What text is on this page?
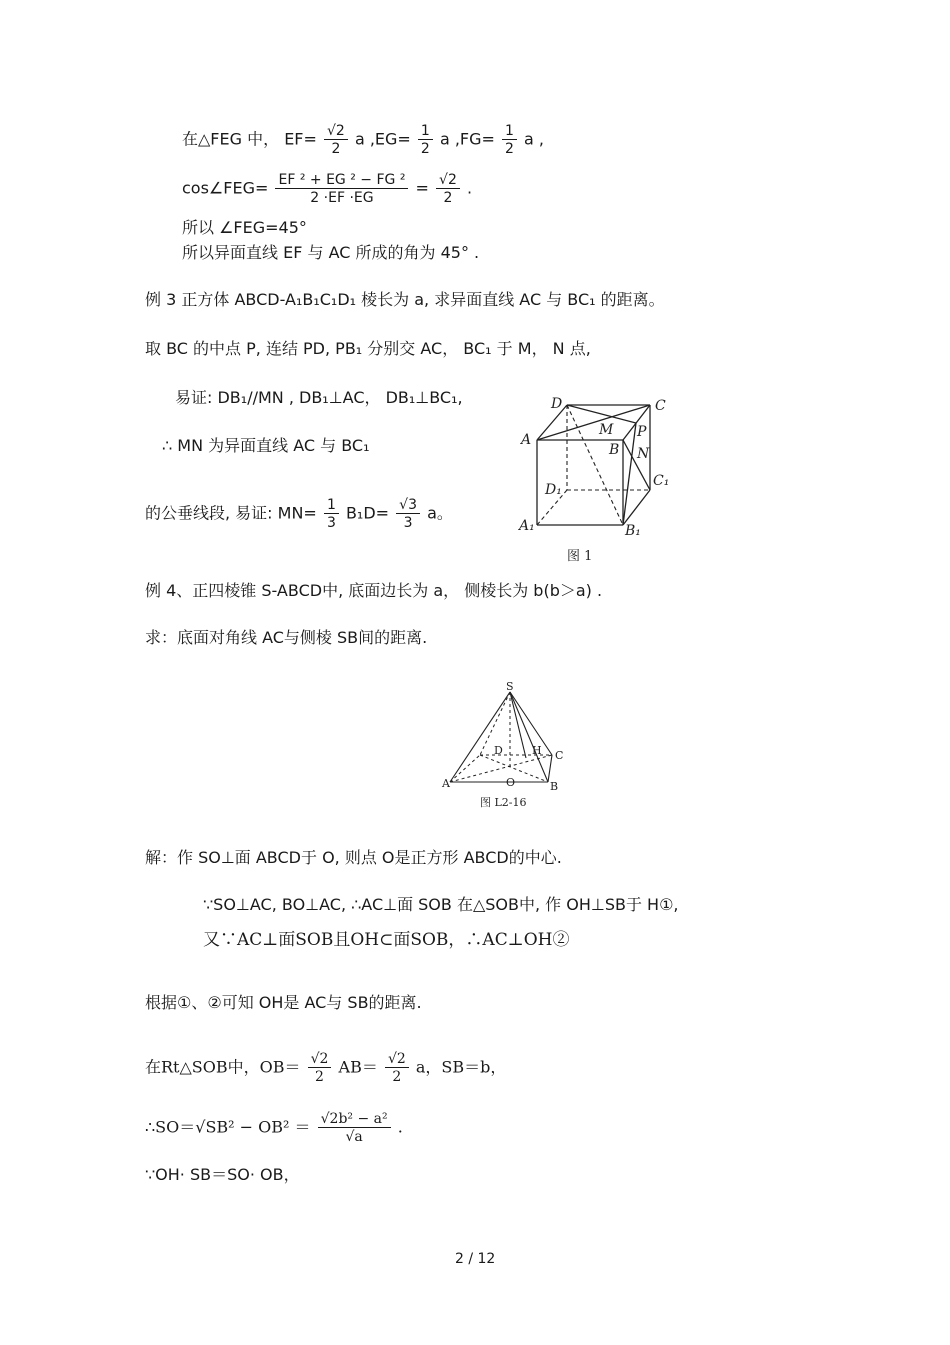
在△FEG 中， $EF= \frac{√2}{2}$ a $,EG= \frac{1}{2}$ a $,FG= \frac{1}{2}$ a ,
cos∠FEG= $\frac{\text{EF ² + EG ² − FG ²}}{2 \cdot EF \cdot EG} = \frac{√2}{2}$ .
所以 ∠FEG=45°
所以异面直线 EF 与 AC 所成的角为 45° .
例 3 正方体 ABCD-A₁B₁C₁D₁ 棱长为 a, 求异面直线 AC 与 BC₁ 的距离。
取 BC 的中点 P, 连结 PD, PB₁ 分别交 AC， BC₁ 于 M， N 点,
易证: DB₁//MN , DB₁⊥AC， DB₁⊥BC₁,
∴ MN 为异面直线 AC 与 BC₁
的公垂线段, 易证: $MN= \frac{1}{3} B_1D= \frac{√3}{3}$ a。
D	C
M P
A
B N
C₁
D₁
A₁	B₁
图 1
例 4、正四棱锥 S-ABCD中, 底面边长为 a， 侧棱长为 b(b＞a) .
求：底面对角线 AC与侧棱 SB间的距离.
S
D	H C
A	O	B
图 L2-16
解：作 SO⊥面 ABCD于 O, 则点 O是正方形 ABCD的中心.
∵SO⊥AC, BO⊥AC, ∴AC⊥面 SOB 在△SOB中, 作 OH⊥SB于 H①,
又∵AC⊥面SOB且OH⊂面SOB，∴AC⊥OH②
根据①、②可知 OH是 AC与 SB的距离.
在Rt△SOB中，$OB= \frac{√2}{2} AB= \frac{√2}{2}$ a，SB＝b，
∴SO＝√SB² − $OB^2 = \frac{\text{√2b² − a²}}{√a}$ .
∵OH· SB＝SO· OB，
2 / 12
